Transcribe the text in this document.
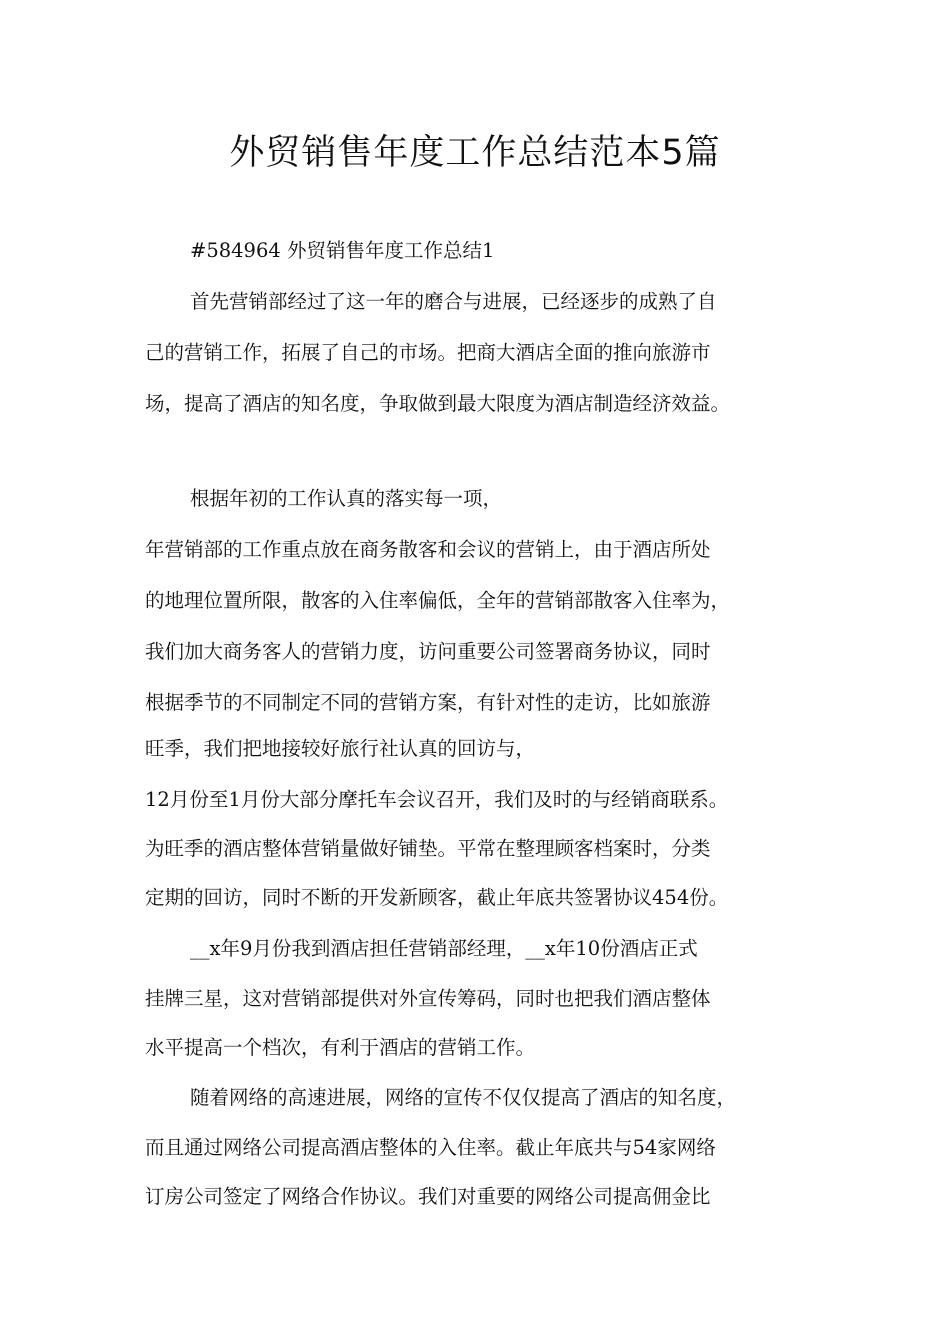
外贸销售年度工作总结范本5篇

#584964 外贸销售年度工作总结1

首先营销部经过了这一年的磨合与进展，已经逐步的成熟了自

己的营销工作，拓展了自己的市场。把商大酒店全面的推向旅游市

场，提高了酒店的知名度，争取做到最大限度为酒店制造经济效益。

根据年初的工作认真的落实每一项，

年营销部的工作重点放在商务散客和会议的营销上，由于酒店所处

的地理位置所限，散客的入住率偏低，全年的营销部散客入住率为，

我们加大商务客人的营销力度，访问重要公司签署商务协议，同时

根据季节的不同制定不同的营销方案，有针对性的走访，比如旅游

旺季，我们把地接较好旅行社认真的回访与，

12月份至1月份大部分摩托车会议召开，我们及时的与经销商联系。

为旺季的酒店整体营销量做好铺垫。平常在整理顾客档案时，分类

定期的回访，同时不断的开发新顾客，截止年底共签署协议454份。

__x年9月份我到酒店担任营销部经理，__x年10份酒店正式

挂牌三星，这对营销部提供对外宣传筹码，同时也把我们酒店整体

水平提高一个档次，有利于酒店的营销工作。

随着网络的高速进展，网络的宣传不仅仅提高了酒店的知名度，

而且通过网络公司提高酒店整体的入住率。截止年底共与54家网络

订房公司签定了网络合作协议。我们对重要的网络公司提高佣金比
